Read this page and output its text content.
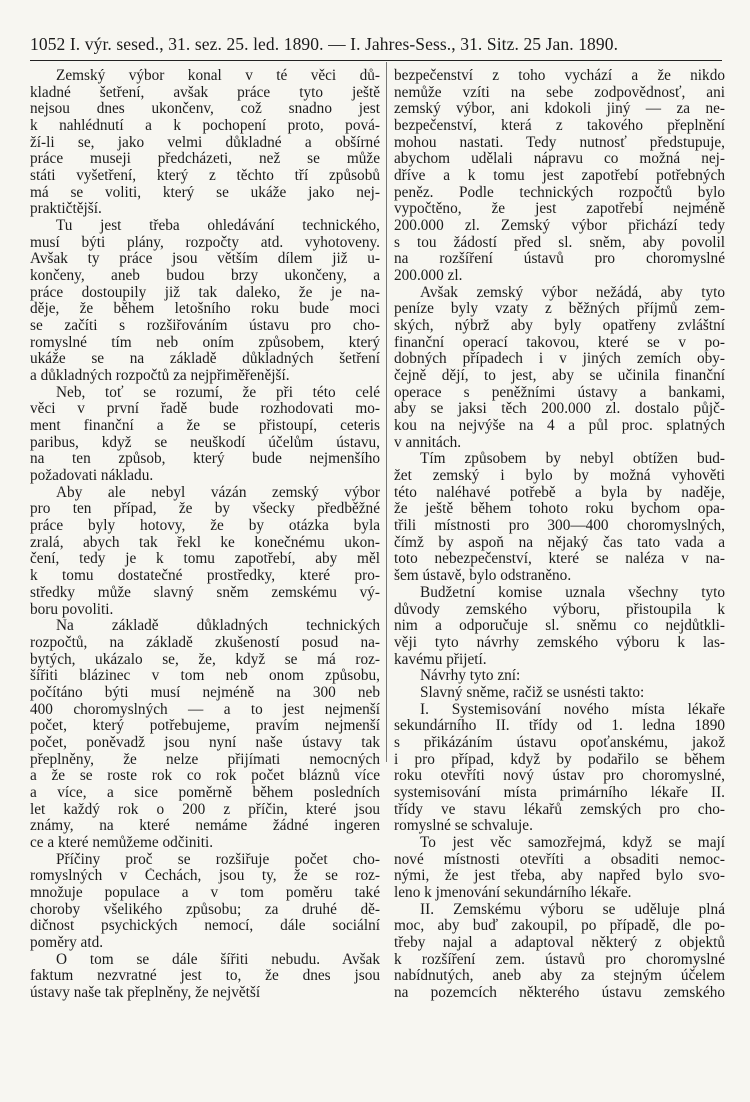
1052 I. výr. sesed., 31. sez. 25. led. 1890. — I. Jahres-Sess., 31. Sitz. 25 Jan. 1890.
Zemský výbor konal v té věci dů-
kladné šetření, avšak práce tyto ještě
nejsou dnes ukončenv, což snadno jest
k nahlédnutí a k pochopení proto, pová-
ží-li se, jako velmi důkladné a obšírné
práce museji předcházeti, než se může
státi vyšetření, který z těchto tří způsobů
má se voliti, který se ukáže jako nej-
praktičtější.
Tu jest třeba ohledávání technického,
musí býti plány, rozpočty atd. vyhotoveny.
Avšak ty práce jsou větším dílem již u-
končeny, aneb budou brzy ukončeny, a
práce dostoupily již tak daleko, že je na-
děje, že během letošního roku bude moci
se začíti s rozšiřováním ústavu pro cho-
romyslné tím neb oním způsobem, který
ukáže se na základě důkladných šetření
a důkladných rozpočtů za nejpřiměřenější.
Neb, toť se rozumí, že při této celé
věci v první řadě bude rozhodovati mo-
ment finanční a že se přistoupí, ceteris
paribus, když se neuškodí účelům ústavu,
na ten způsob, který bude nejmenšího
požadovati nákladu.
Aby ale nebyl vázán zemský výbor
pro ten případ, že by všecky předběžné
práce byly hotovy, že by otázka byla
zralá, abych tak řekl ke konečnému ukon-
čení, tedy je k tomu zapotřebí, aby měl
k tomu dostatečné prostředky, které pro-
středky může slavný sněm zemskému vý-
boru povoliti.
Na základě důkladných technických
rozpočtů, na základě zkušeností posud na-
bytých, ukázalo se, že, když se má roz-
šířiti blázinec v tom neb onom způsobu,
počítáno býti musí nejméně na 300 neb
400 choromyslných — a to jest nejmenší
počet, který potřebujeme, pravím nejmenší
počet, poněvadž jsou nyní naše ústavy tak
přeplněny, že nelze přijímati nemocných
a že se roste rok co rok počet bláznů více
a více, a sice poměrně během posledních
let každý rok o 200 z příčin, které jsou
známy, na které nemáme žádné ingeren
ce a které nemůžeme odčiniti.
Příčiny proč se rozšiřuje počet cho-
romyslných v Čechách, jsou ty, že se roz-
množuje populace a v tom poměru také
choroby všelikého způsobu; za druhé dě-
dičnost psychických nemocí, dále sociální
poměry atd.
O tom se dále šířiti nebudu. Avšak
faktum nezvratné jest to, že dnes jsou
ústavy naše tak přeplněny, že největší
bezpečenství z toho vychází a že nikdo
nemůže vzíti na sebe zodpovědnosť, ani
zemský výbor, ani kdokoli jiný — za ne-
bezpečenství, která z takového přeplnění
mohou nastati. Tedy nutnosť předstupuje,
abychom udělali nápravu co možná nej-
dříve a k tomu jest zapotřebí potřebných
peněz. Podle technických rozpočtů bylo
vypočtěno, že jest zapotřebí nejméně
200.000 zl. Zemský výbor přichází tedy
s tou žádostí před sl. sněm, aby povolil
na rozšíření ústavů pro choromyslné
200.000 zl.
Avšak zemský výbor nežádá, aby tyto
peníze byly vzaty z běžných příjmů zem-
ských, nýbrž aby byly opatřeny zvláštní
finanční operací takovou, které se v po-
dobných případech i v jiných zemích oby-
čejně dějí, to jest, aby se učinila finanční
operace s peněžními ústavy a bankami,
aby se jaksi těch 200.000 zl. dostalo půjč-
kou na nejvýše na 4 a půl proc. splatných
v annitách.
Tím způsobem by nebyl obtížen bud-
žet zemský i bylo by možná vyhověti
této naléhavé potřebě a byla by naděje,
že ještě během tohoto roku bychom opa-
třili místnosti pro 300—400 choromyslných,
čímž by aspoň na nějaký čas tato vada a
toto nebezpečenství, které se naléza v na-
šem ústavě, bylo odstraněno.
Budžetní komise uznala všechny tyto
důvody zemského výboru, přistoupila k
nim a odporučuje sl. sněmu co nejdůtkli-
věji tyto návrhy zemského výboru k las-
kavému přijetí.
Návrhy tyto zní:
Slavný sněme, račiž se usnésti takto:
I. Systemisování nového místa lékaře
sekundárního II. třídy od 1. ledna 1890
s přikázáním ústavu opoťanskému, jakož
i pro případ, když by podařilo se během
roku otevříti nový ústav pro choromyslné,
systemisování místa primárního lékaře II.
třídy ve stavu lékařů zemských pro cho-
romyslné se schvaluje.
To jest věc samozřejmá, když se mají
nové místnosti otevříti a obsaditi nemoc-
nými, že jest třeba, aby napřed bylo svo-
leno k jmenování sekundárního lékaře.
II. Zemskému výboru se uděluje plná
moc, aby buď zakoupil, po případě, dle po-
třeby najal a adaptoval některý z objektů
k rozšíření zem. ústavů pro choromyslné
nabídnutých, aneb aby za stejným účelem
na pozemcích některého ústavu zemského
